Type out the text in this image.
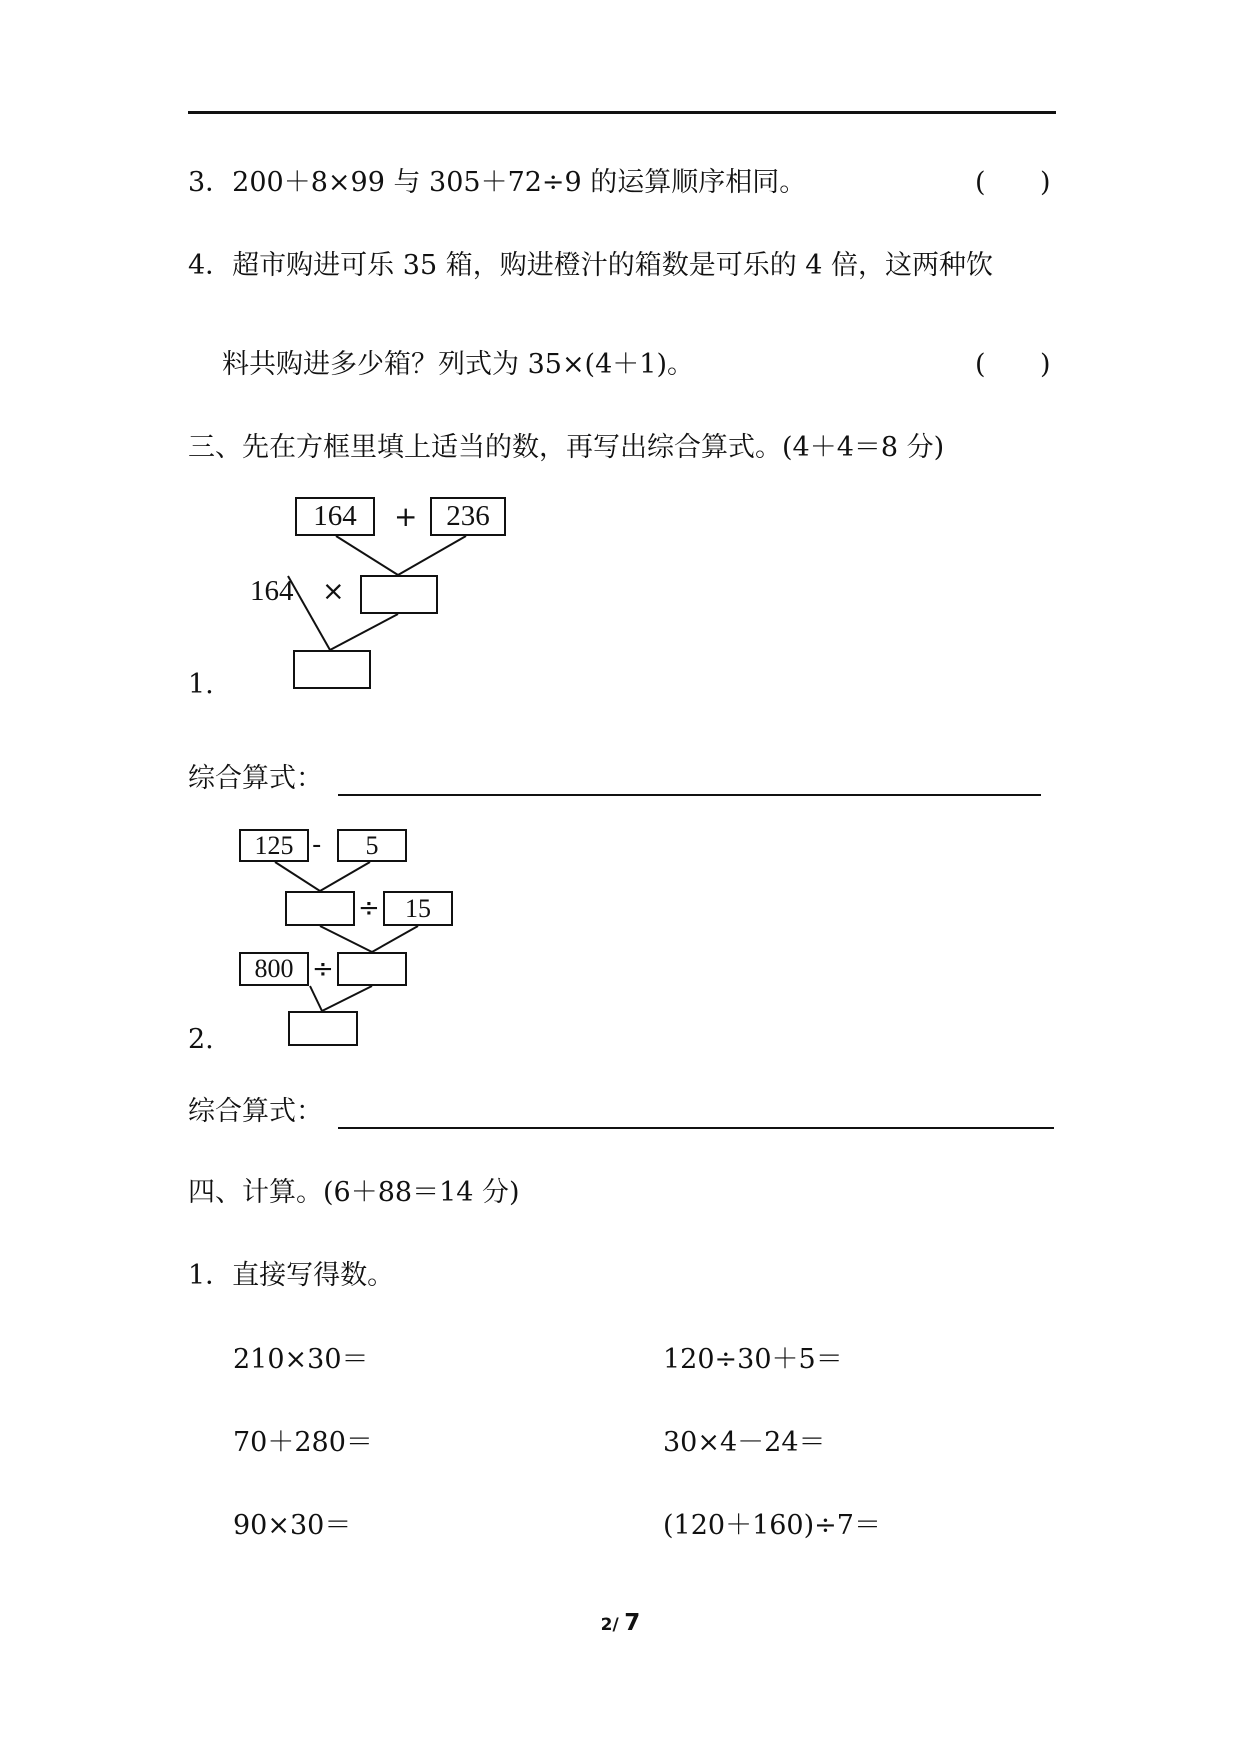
3．200＋8×99 与 305＋72÷9 的运算顺序相同。	( )
4．超市购进可乐 35 箱，购进橙汁的箱数是可乐的 4 倍，这两种饮
料共购进多少箱？列式为 35×(4＋1)。	( )
三、先在方框里填上适当的数，再写出综合算式。(4＋4＝8 分)
164	+ 236
164 ×
1.
综合算式：
125 -	5
÷ 15
800 ÷
2.
综合算式：
四、计算。(6＋88＝14 分)
1．直接写得数。
210×30＝	120÷30＋5＝
70＋280＝	30×4－24＝
90×30＝	(120＋160)÷7＝
2/ 7
